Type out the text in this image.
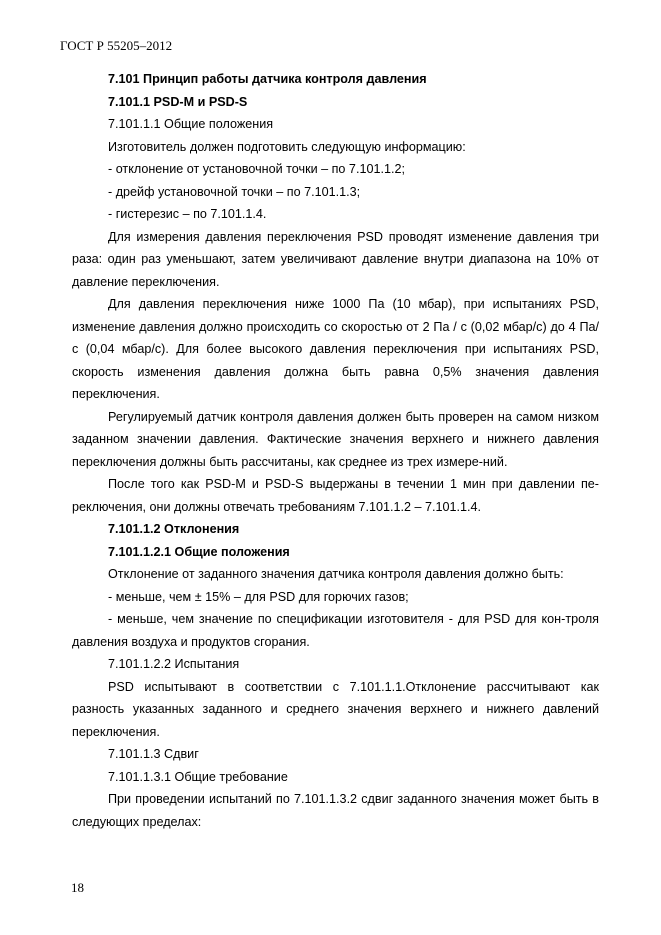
ГОСТ Р 55205–2012

7.101 Принцип работы датчика контроля давления

7.101.1 PSD-M и PSD-S

7.101.1.1 Общие положения

Изготовитель должен подготовить следующую информацию:

- отклонение от установочной точки – по 7.101.1.2;

- дрейф установочной точки – по 7.101.1.3;

- гистерезис – по 7.101.1.4.

Для измерения давления переключения PSD проводят изменение давления три раза: один раз уменьшают, затем увеличивают давление внутри диапазона на 10% от давление переключения.

Для давления переключения ниже 1000 Па (10 мбар), при испытаниях PSD, изменение давления должно происходить со скоростью от 2 Па / с (0,02 мбар/с) до 4 Па/с (0,04 мбар/с). Для более высокого давления переключения при испытаниях PSD, скорость изменения давления должна быть равна 0,5% значения давления переключения.

Регулируемый датчик контроля давления должен быть проверен на самом низком заданном значении давления. Фактические значения верхнего и нижнего давления переключения должны быть рассчитаны, как среднее из трех измере-ний.

После того как PSD-M и PSD-S выдержаны в течении 1 мин при давлении пе-реключения, они должны отвечать требованиям 7.101.1.2 – 7.101.1.4.

7.101.1.2 Отклонения

7.101.1.2.1 Общие положения

Отклонение от заданного значения датчика контроля давления должно быть:

- меньше, чем ± 15% – для PSD для горючих газов;

- меньше, чем значение по спецификации изготовителя - для PSD для кон-троля давления воздуха и продуктов сгорания.

7.101.1.2.2 Испытания

PSD испытывают в соответствии с 7.101.1.1.Отклонение рассчитывают как разность указанных заданного и среднего значения верхнего и нижнего давлений переключения.

7.101.1.3 Сдвиг

7.101.1.3.1 Общие требование

При проведении испытаний по 7.101.1.3.2 сдвиг заданного значения может быть в следующих пределах:

18
